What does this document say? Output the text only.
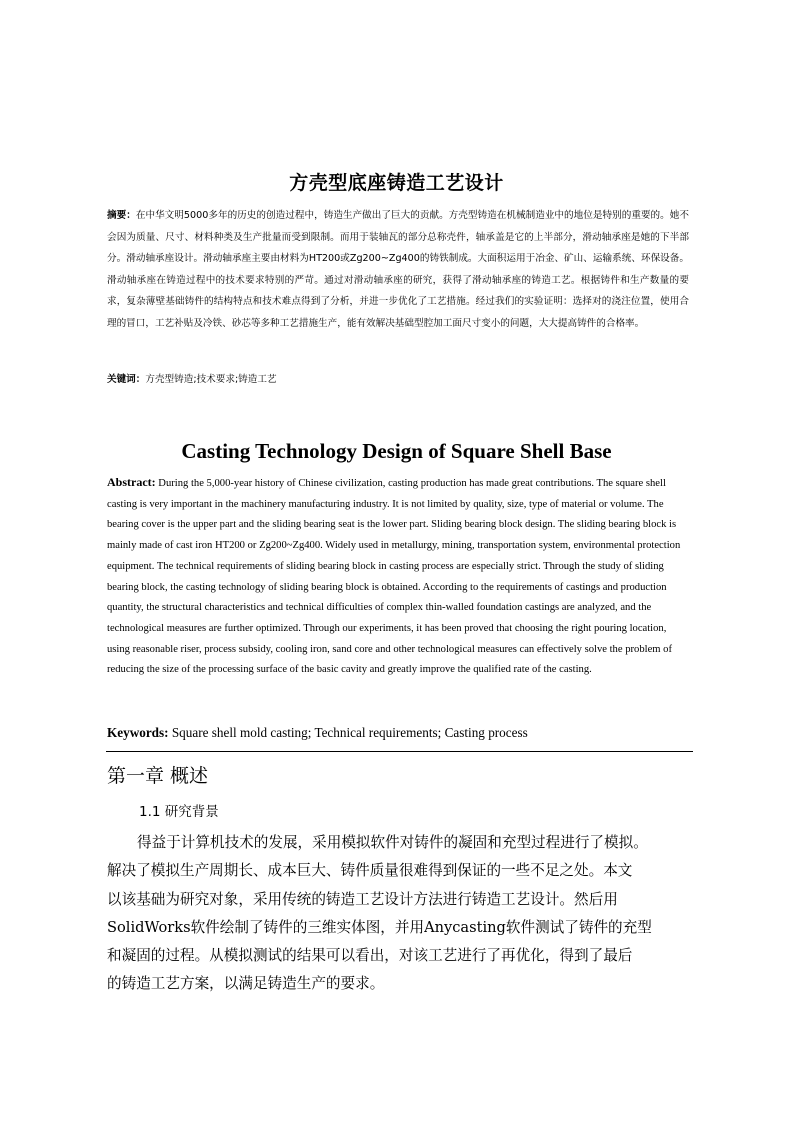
方壳型底座铸造工艺设计
摘要：在中华文明5000多年的历史的创造过程中，铸造生产做出了巨大的贡献。方壳型铸造在机械制造业中的地位是特别的重要的。她不会因为质量、尺寸、材料种类及生产批量而受到限制。而用于装轴瓦的部分总称壳件，轴承盖是它的上半部分，滑动轴承座是她的下半部分。滑动轴承座设计。滑动轴承座主要由材料为HT200或Zg200~Zg400的铸铁制成。大面积运用于冶金、矿山、运输系统、环保设备。滑动轴承座在铸造过程中的技术要求特别的严苛。通过对滑动轴承座的研究，获得了滑动轴承座的铸造工艺。根据铸件和生产数量的要求，复杂薄壁基础铸件的结构特点和技术难点得到了分析，并进一步优化了工艺措施。经过我们的实验证明：选择对的浇注位置，使用合理的冒口，工艺补贴及冷铁、砂芯等多种工艺措施生产，能有效解决基础型腔加工面尺寸变小的问题，大大提高铸件的合格率。
关键词：方壳型铸造;技术要求;铸造工艺
Casting Technology Design of Square Shell Base
Abstract: During the 5,000-year history of Chinese civilization, casting production has made great contributions. The square shell casting is very important in the machinery manufacturing industry. It is not limited by quality, size, type of material or volume. The bearing cover is the upper part and the sliding bearing seat is the lower part. Sliding bearing block design. The sliding bearing block is mainly made of cast iron HT200 or Zg200~Zg400. Widely used in metallurgy, mining, transportation system, environmental protection equipment. The technical requirements of sliding bearing block in casting process are especially strict. Through the study of sliding bearing block, the casting technology of sliding bearing block is obtained. According to the requirements of castings and production quantity, the structural characteristics and technical difficulties of complex thin-walled foundation castings are analyzed, and the technological measures are further optimized. Through our experiments, it has been proved that choosing the right pouring location, using reasonable riser, process subsidy, cooling iron, sand core and other technological measures can effectively solve the problem of reducing the size of the processing surface of the basic cavity and greatly improve the qualified rate of the casting.
Keywords: Square shell mold casting; Technical requirements; Casting process
第一章 概述
1.1 研究背景
得益于计算机技术的发展，采用模拟软件对铸件的凝固和充型过程进行了模拟。
解决了模拟生产周期长、成本巨大、铸件质量很难得到保证的一些不足之处。本文
以该基础为研究对象，采用传统的铸造工艺设计方法进行铸造工艺设计。然后用
SolidWorks软件绘制了铸件的三维实体图，并用Anycasting软件测试了铸件的充型
和凝固的过程。从模拟测试的结果可以看出，对该工艺进行了再优化，得到了最后
的铸造工艺方案，以满足铸造生产的要求。
